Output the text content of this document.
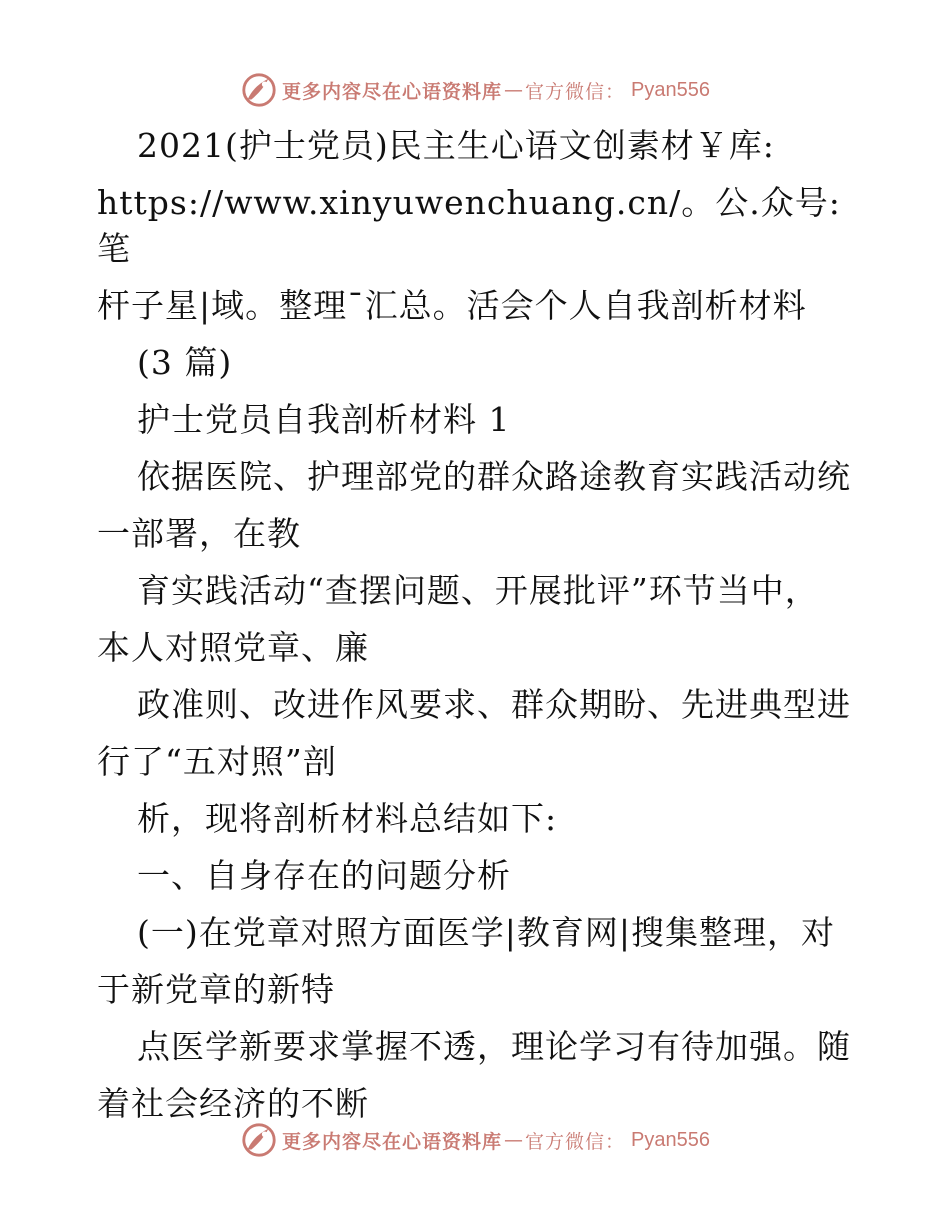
更多内容尽在心语资料库 — 官方微信： Pyan556

2021(护士党员)民主生心语文创素材￥库:

https://www.xinyuwenchuang.cn/。公.众号: 笔

杆子星|域。整理¯汇总。活会个人自我剖析材料

(3 篇)

护士党员自我剖析材料 1

依据医院、护理部党的群众路途教育实践活动统

一部署，在教

育实践活动“查摆问题、开展批评”环节当中，

本人对照党章、廉

政准则、改进作风要求、群众期盼、先进典型进

行了“五对照”剖

析，现将剖析材料总结如下:

一、自身存在的问题分析

(一)在党章对照方面医学|教育网|搜集整理，对

于新党章的新特

点医学新要求掌握不透，理论学习有待加强。随

着社会经济的不断

更多内容尽在心语资料库 — 官方微信： Pyan556
